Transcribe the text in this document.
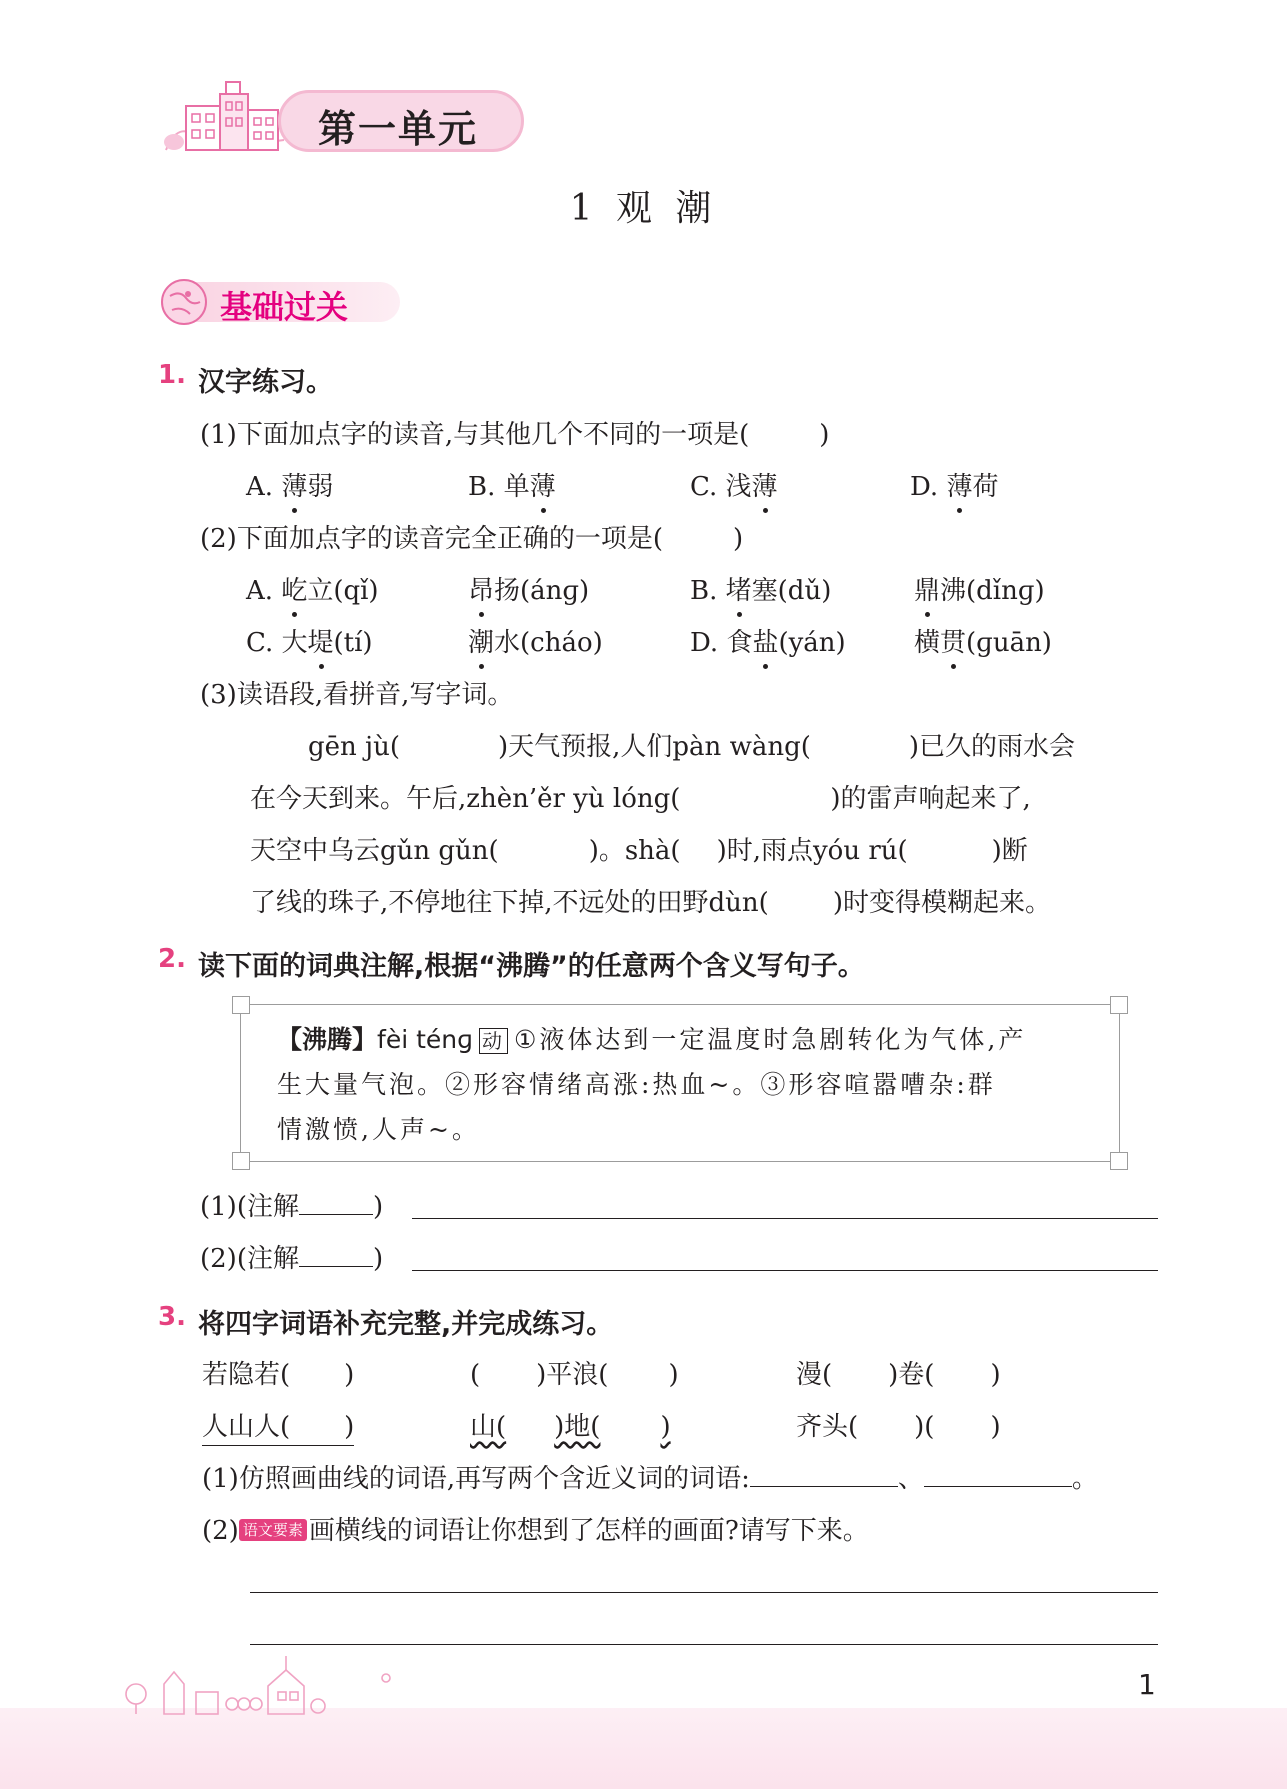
第一单元
1 观 潮
基础过关
1. 汉字练习。
(1)下面加点字的读音,与其他几个不同的一项是(	)
A. 薄弱	B. 单薄	C. 浅薄	D. 薄荷
(2)下面加点字的读音完全正确的一项是(	)
A. 屹立(qǐ)	昂扬(ánɡ)	B. 堵塞(dǔ)	鼎沸(dǐnɡ)
C. 大堤(tí)	潮水(cháo)	D. 食盐(yán)	横贯(ɡuān)
(3)读语段,看拼音,写字词。
gēn jù(	)天气预报,人们pàn wàng(	)已久的雨水会
在今天到来。午后,zhèn’ěr yù lóng(	)的雷声响起来了,
天空中乌云gǔn gǔn(	)。shà( )时,雨点yóu rú(	)断
了线的珠子,不停地往下掉,不远处的田野dùn( )时变得模糊起来。
2. 读下面的词典注解,根据“沸腾”的任意两个含义写句子。
【沸腾】fèi ténɡ 动 ①液体达到一定温度时急剧转化为气体,产
生大量气泡。②形容情绪高涨:热血~。③形容喧嚣嘈杂:群
情激愤,人声~。
(1)(注解	)
(2)(注解	)
3. 将四字词语补充完整,并完成练习。
若隐若( )	( )平浪( )	漫( )卷( )
人山人( )	山( )地( )	齐头( )( )
(1)仿照画曲线的词语,再写两个含近义词的词语:	、	。
(2) 语文要素 画横线的词语让你想到了怎样的画面?请写下来。
1
